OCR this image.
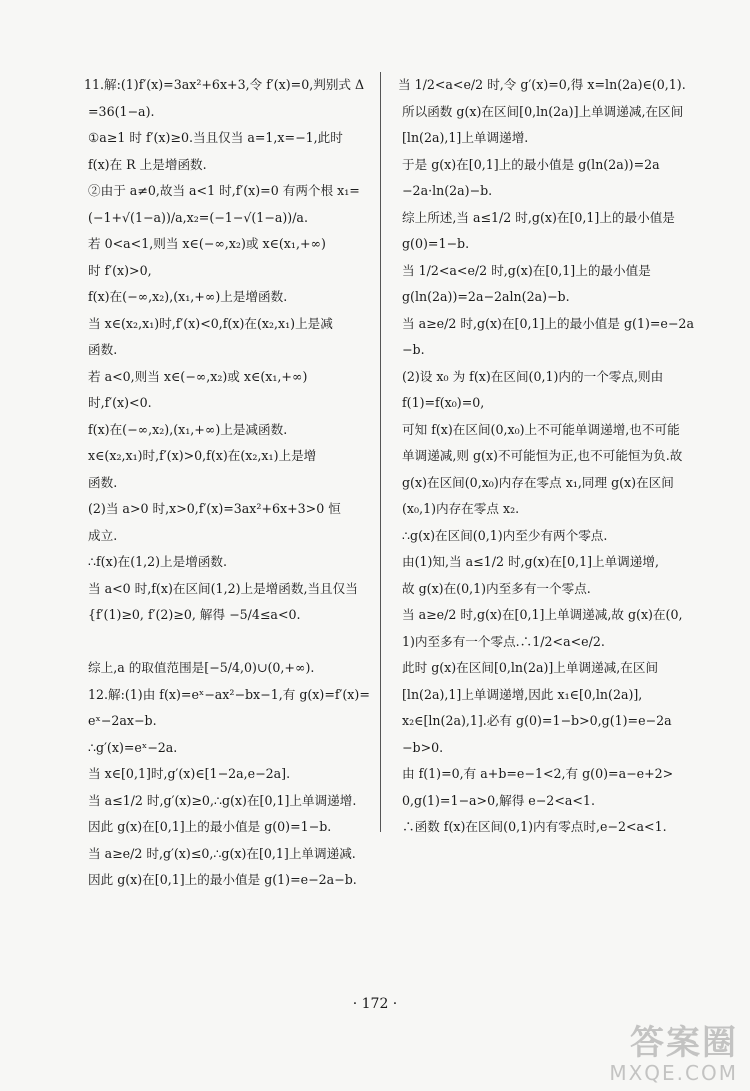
11.解:(1)f′(x)=3ax²+6x+3,令 f′(x)=0,判别式 Δ
=36(1−a).
①a≥1 时 f′(x)≥0.当且仅当 a=1,x=−1,此时
f(x)在 R 上是增函数.
②由于 a≠0,故当 a<1 时,f′(x)=0 有两个根 x₁=
(−1+√(1−a))/a,x₂=(−1−√(1−a))/a.
若 0<a<1,则当 x∈(−∞,x₂)或 x∈(x₁,+∞)
时 f′(x)>0,
f(x)在(−∞,x₂),(x₁,+∞)上是增函数.
当 x∈(x₂,x₁)时,f′(x)<0,f(x)在(x₂,x₁)上是减
函数.
若 a<0,则当 x∈(−∞,x₂)或 x∈(x₁,+∞)
时,f′(x)<0.
f(x)在(−∞,x₂),(x₁,+∞)上是减函数.
x∈(x₂,x₁)时,f′(x)>0,f(x)在(x₂,x₁)上是增
函数.
(2)当 a>0 时,x>0,f′(x)=3ax²+6x+3>0 恒
成立.
∴f(x)在(1,2)上是增函数.
当 a<0 时,f(x)在区间(1,2)上是增函数,当且仅当
{f′(1)≥0, f′(2)≥0, 解得 −5/4≤a<0.
综上,a 的取值范围是[−5/4,0)∪(0,+∞).
12.解:(1)由 f(x)=eˣ−ax²−bx−1,有 g(x)=f′(x)=
eˣ−2ax−b.
∴g′(x)=eˣ−2a.
当 x∈[0,1]时,g′(x)∈[1−2a,e−2a].
当 a≤1/2 时,g′(x)≥0,∴g(x)在[0,1]上单调递增.
因此 g(x)在[0,1]上的最小值是 g(0)=1−b.
当 a≥e/2 时,g′(x)≤0,∴g(x)在[0,1]上单调递减.
因此 g(x)在[0,1]上的最小值是 g(1)=e−2a−b.
当 1/2<a<e/2 时,令 g′(x)=0,得 x=ln(2a)∈(0,1).
所以函数 g(x)在区间[0,ln(2a)]上单调递减,在区间
[ln(2a),1]上单调递增.
于是 g(x)在[0,1]上的最小值是 g(ln(2a))=2a
−2a·ln(2a)−b.
综上所述,当 a≤1/2 时,g(x)在[0,1]上的最小值是
g(0)=1−b.
当 1/2<a<e/2 时,g(x)在[0,1]上的最小值是
g(ln(2a))=2a−2aln(2a)−b.
当 a≥e/2 时,g(x)在[0,1]上的最小值是 g(1)=e−2a
−b.
(2)设 x₀ 为 f(x)在区间(0,1)内的一个零点,则由
f(1)=f(x₀)=0,
可知 f(x)在区间(0,x₀)上不可能单调递增,也不可能
单调递减,则 g(x)不可能恒为正,也不可能恒为负.故
g(x)在区间(0,x₀)内存在零点 x₁,同理 g(x)在区间
(x₀,1)内存在零点 x₂.
∴g(x)在区间(0,1)内至少有两个零点.
由(1)知,当 a≤1/2 时,g(x)在[0,1]上单调递增,
故 g(x)在(0,1)内至多有一个零点.
当 a≥e/2 时,g(x)在[0,1]上单调递减,故 g(x)在(0,
1)内至多有一个零点.∴1/2<a<e/2.
此时 g(x)在区间[0,ln(2a)]上单调递减,在区间
[ln(2a),1]上单调递增,因此 x₁∈[0,ln(2a)],
x₂∈[ln(2a),1].必有 g(0)=1−b>0,g(1)=e−2a
−b>0.
由 f(1)=0,有 a+b=e−1<2,有 g(0)=a−e+2>
0,g(1)=1−a>0,解得 e−2<a<1.
∴函数 f(x)在区间(0,1)内有零点时,e−2<a<1.
· 172 ·
答案圈
MXQE.COM
